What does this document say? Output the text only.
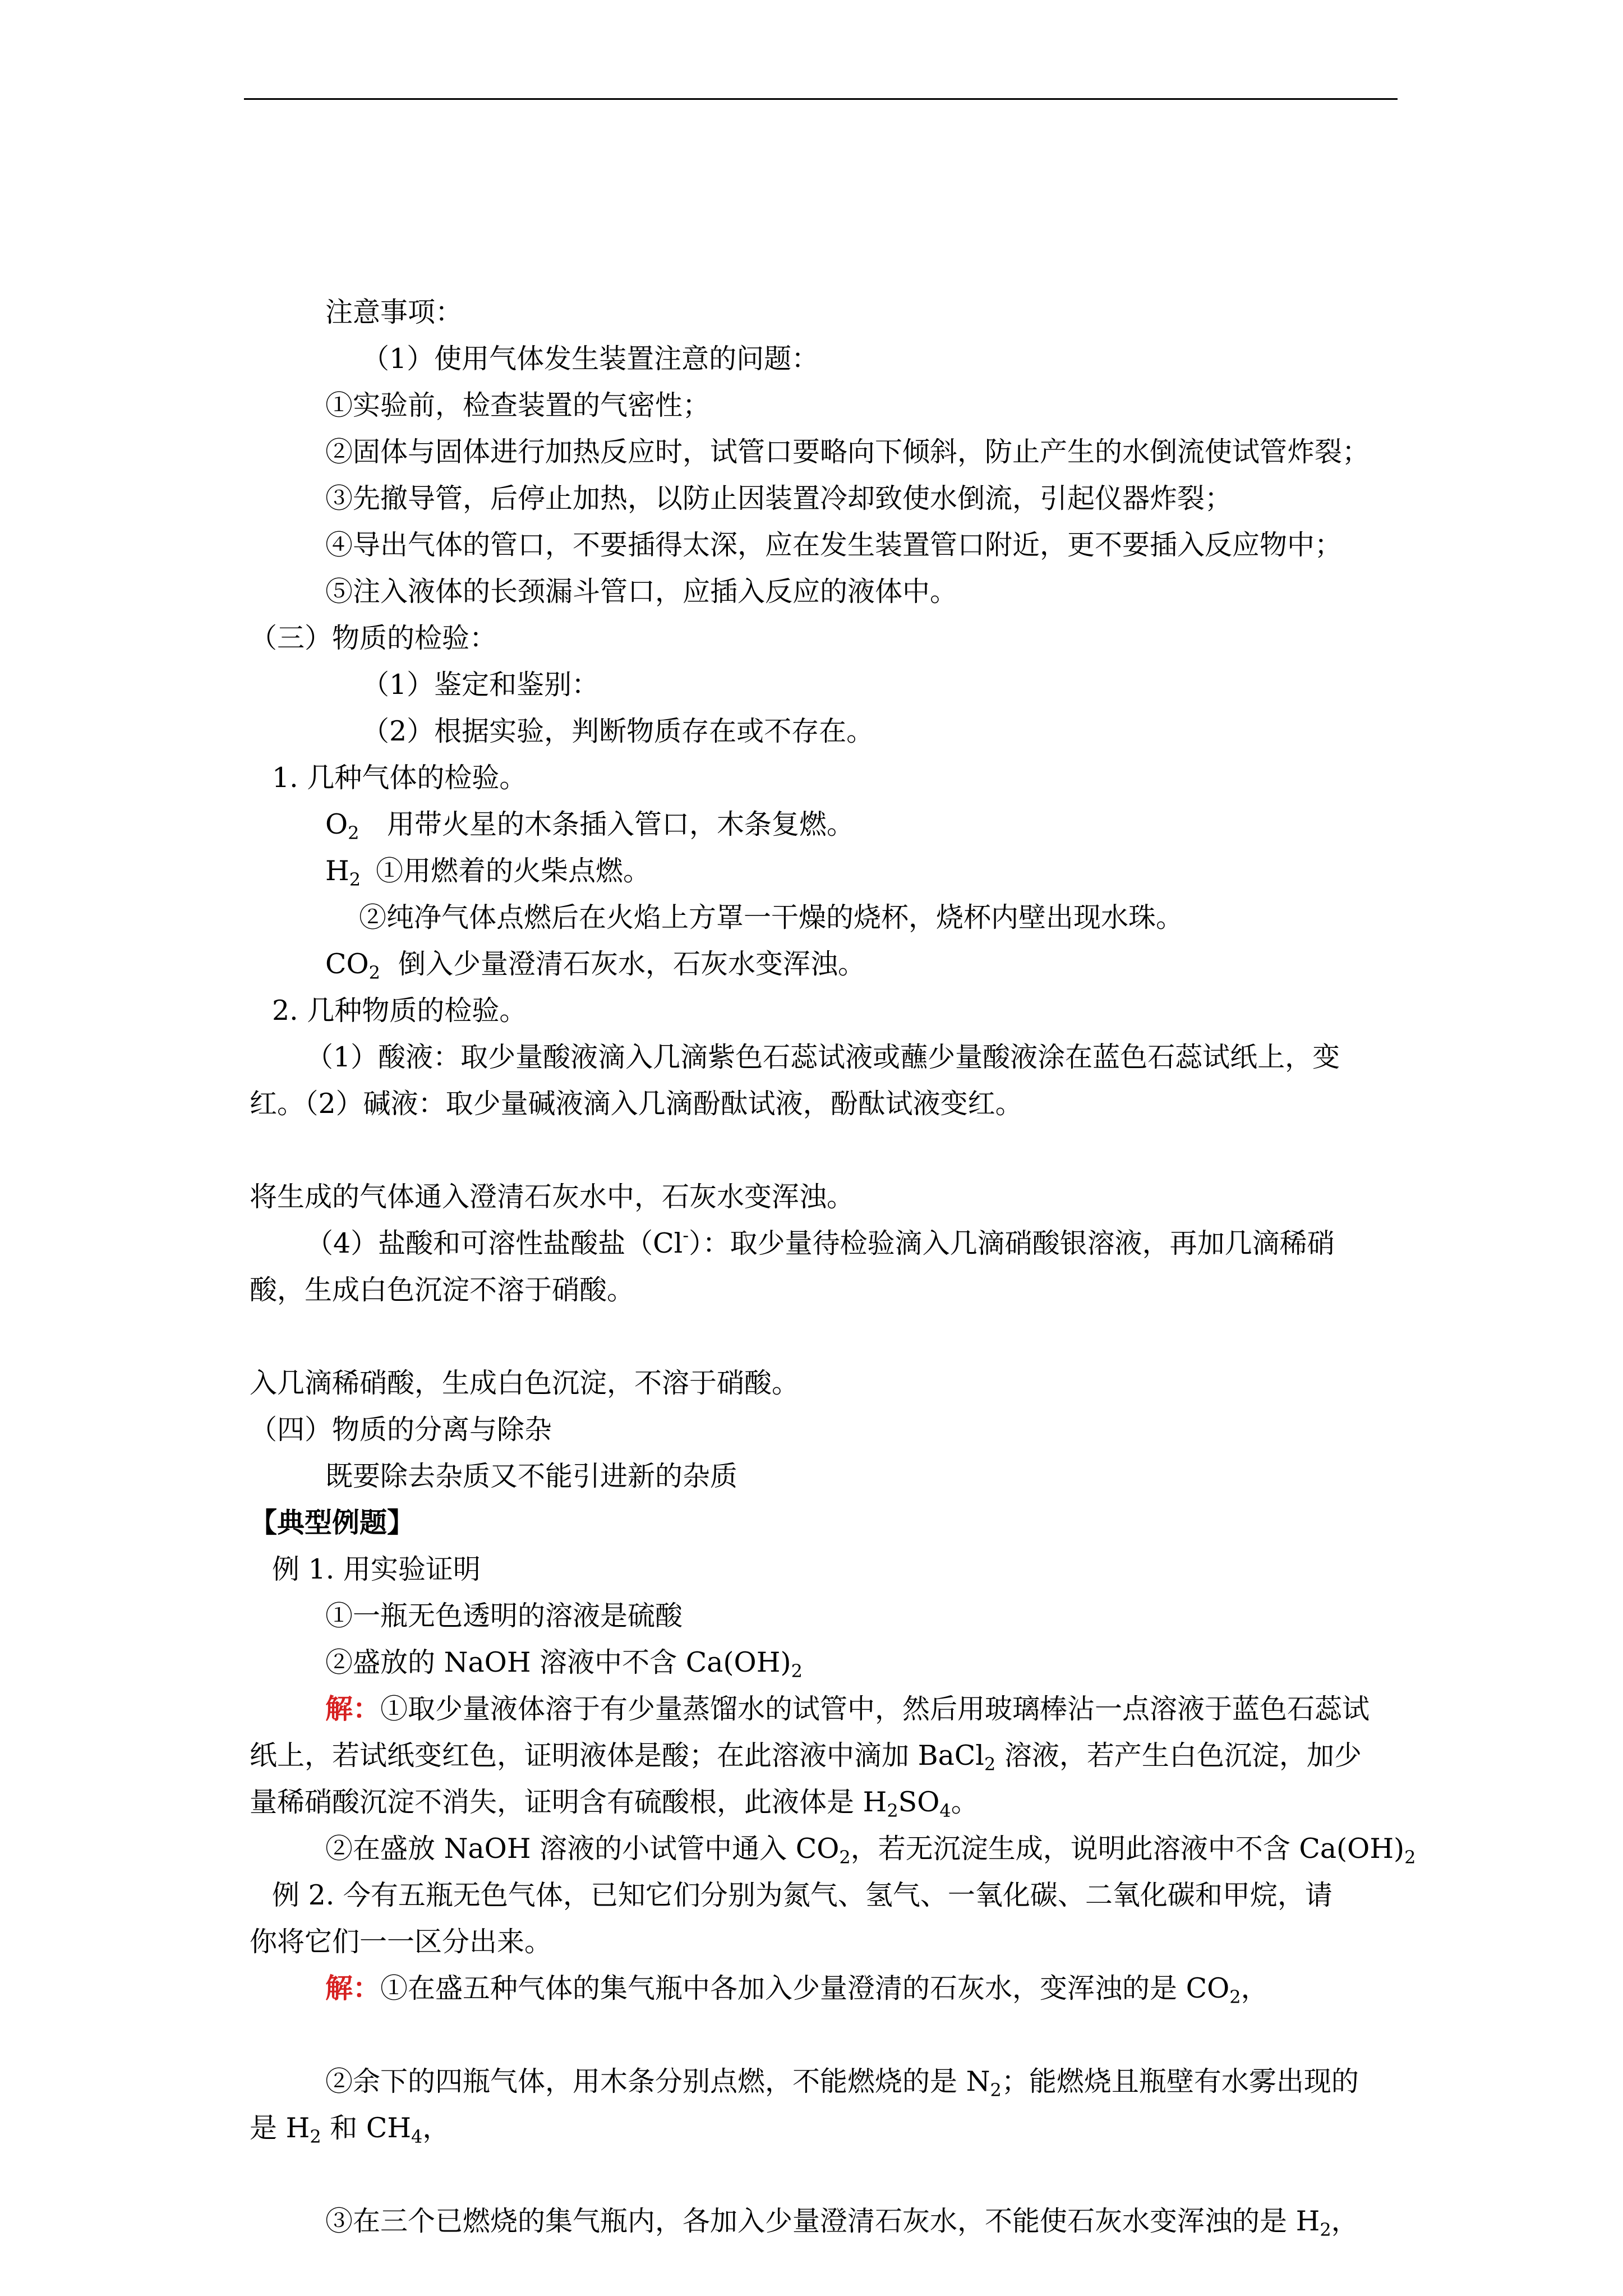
注意事项：
（1）使用气体发生装置注意的问题：
①实验前，检查装置的气密性；
②固体与固体进行加热反应时，试管口要略向下倾斜，防止产生的水倒流使试管炸裂；
③先撤导管，后停止加热，以防止因装置冷却致使水倒流，引起仪器炸裂；
④导出气体的管口，不要插得太深，应在发生装置管口附近，更不要插入反应物中；
⑤注入液体的长颈漏斗管口，应插入反应的液体中。
（三）物质的检验：
（1）鉴定和鉴别：
（2）根据实验，判断物质存在或不存在。
1. 几种气体的检验。
$O_2$ 用带火星的木条插入管口，木条复燃。
$H_2$ ①用燃着的火柴点燃。
②纯净气体点燃后在火焰上方罩一干燥的烧杯，烧杯内壁出现水珠。
$CO_2$ 倒入少量澄清石灰水，石灰水变浑浊。
2. 几种物质的检验。
（1）酸液：取少量酸液滴入几滴紫色石蕊试液或蘸少量酸液涂在蓝色石蕊试纸上，变
红。（2）碱液：取少量碱液滴入几滴酚酞试液，酚酞试液变红。
将生成的气体通入澄清石灰水中，石灰水变浑浊。
（4）盐酸和可溶性盐酸盐（Cl-）：取少量待检验滴入几滴硝酸银溶液，再加几滴稀硝
酸，生成白色沉淀不溶于硝酸。
入几滴稀硝酸，生成白色沉淀，不溶于硝酸。
（四）物质的分离与除杂
既要除去杂质又不能引进新的杂质
【典型例题】
例 1. 用实验证明
①一瓶无色透明的溶液是硫酸
②盛放的 NaOH 溶液中不含 $Ca(OH)_2$
解：①取少量液体溶于有少量蒸馏水的试管中，然后用玻璃棒沾一点溶液于蓝色石蕊试
纸上，若试纸变红色，证明液体是酸；在此溶液中滴加 BaCl$_2$ 溶液，若产生白色沉淀，加少
量稀硝酸沉淀不消失，证明含有硫酸根，此液体是 $H_2SO_4$。
②在盛放 NaOH 溶液的小试管中通入 $CO_2$，若无沉淀生成，说明此溶液中不含 $Ca(OH)_2$
例 2. 今有五瓶无色气体，已知它们分别为氮气、氢气、一氧化碳、二氧化碳和甲烷，请
你将它们一一区分出来。
解：①在盛五种气体的集气瓶中各加入少量澄清的石灰水，变浑浊的是 $CO_2$，
②余下的四瓶气体，用木条分别点燃，不能燃烧的是 $N_2$；能燃烧且瓶壁有水雾出现的
是 $H_2$ 和 $CH_4$，
③在三个已燃烧的集气瓶内，各加入少量澄清石灰水，不能使石灰水变浑浊的是 $H_2$，
